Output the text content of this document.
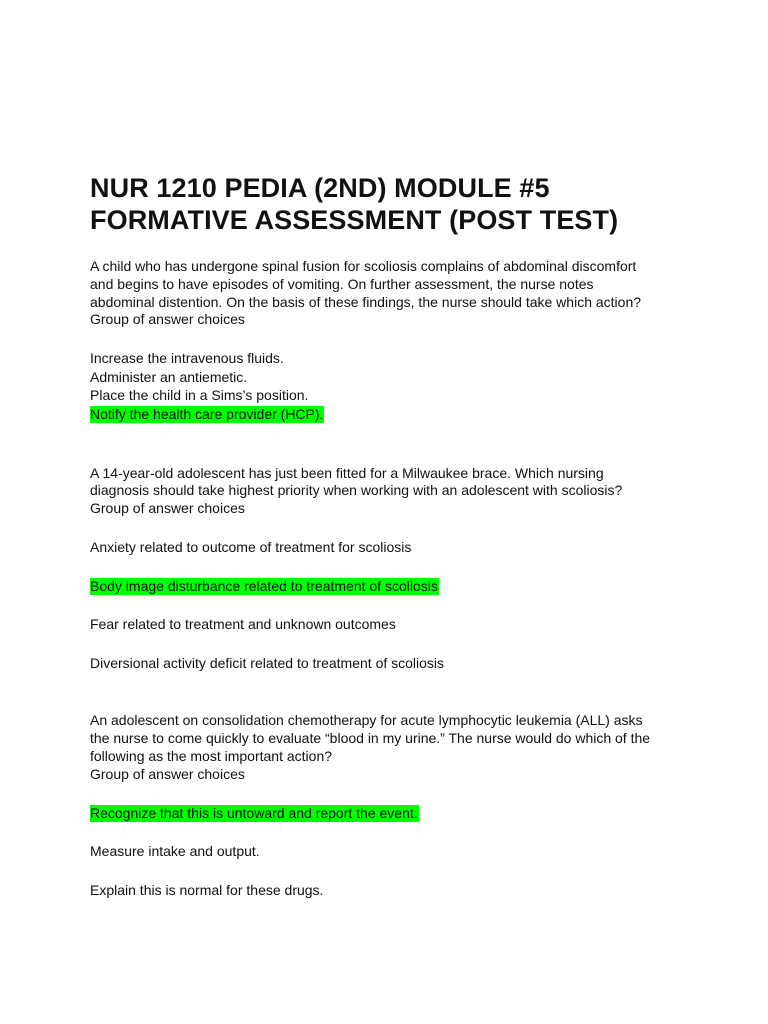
NUR 1210 PEDIA (2ND) MODULE #5
FORMATIVE ASSESSMENT (POST TEST)

A child who has undergone spinal fusion for scoliosis complains of abdominal discomfort
and begins to have episodes of vomiting. On further assessment, the nurse notes
abdominal distention. On the basis of these findings, the nurse should take which action?
Group of answer choices

Increase the intravenous fluids.
Administer an antiemetic.
Place the child in a Sims’s position.
Notify the health care provider (HCP).

A 14-year-old adolescent has just been fitted for a Milwaukee brace. Which nursing
diagnosis should take highest priority when working with an adolescent with scoliosis?
Group of answer choices

Anxiety related to outcome of treatment for scoliosis
Body image disturbance related to treatment of scoliosis
Fear related to treatment and unknown outcomes
Diversional activity deficit related to treatment of scoliosis

An adolescent on consolidation chemotherapy for acute lymphocytic leukemia (ALL) asks
the nurse to come quickly to evaluate “blood in my urine.” The nurse would do which of the
following as the most important action?
Group of answer choices

Recognize that this is untoward and report the event.
Measure intake and output.
Explain this is normal for these drugs.
